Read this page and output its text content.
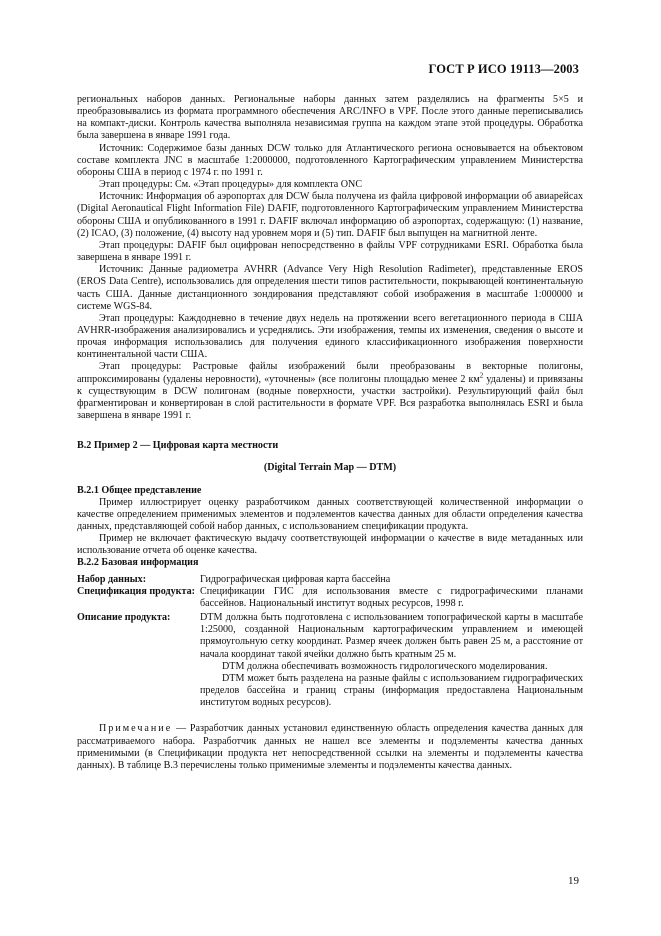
ГОСТ Р ИСО 19113—2003

региональных наборов данных. Региональные наборы данных затем разделялись на фрагменты 5×5 и преобразовывались из формата программного обеспечения ARC/INFO в VPF. После этого данные переписывались на компакт-диски. Контроль качества выполняла независимая группа на каждом этапе этой процедуры. Обработка была завершена в январе 1991 года.

Источник: Содержимое базы данных DCW только для Атлантического региона основывается на объектовом составе комплекта JNC в масштабе 1:2000000, подготовленного Картографическим управлением Министерства обороны США в период с 1974 г. по 1991 г.

Этап процедуры: См. «Этап процедуры» для комплекта ONC

Источник: Информация об аэропортах для DCW была получена из файла цифровой информации об авиарейсах (Digital Aeronautical Flight Information File) DAFIF, подготовленного Картографическим управлением Министерства обороны США и опубликованного в 1991 г. DAFIF включал информацию об аэропортах, содержащую: (1) название, (2) ICAO, (3) положение, (4) высоту над уровнем моря и (5) тип. DAFIF был выпущен на магнитной ленте.

Этап процедуры: DAFIF был оцифрован непосредственно в файлы VPF сотрудниками ESRI. Обработка была завершена в январе 1991 г.

Источник: Данные радиометра AVHRR (Advance Very High Resolution Radimeter), представленные EROS (EROS Data Centre), использовались для определения шести типов растительности, покрывающей континентальную часть США. Данные дистанционного зондирования представляют собой изображения в масштабе 1:000000 и системе WGS-84.

Этап процедуры: Каждодневно в течение двух недель на протяжении всего вегетационного периода в США AVHRR-изображения анализировались и усреднялись. Эти изображения, темпы их изменения, сведения о высоте и прочая информация использовались для получения единого классификационного изображения поверхности континентальной части США.

Этап процедуры: Растровые файлы изображений были преобразованы в векторные полигоны, аппроксимированы (удалены неровности), «уточнены» (все полигоны площадью менее 2 $км^2$ удалены) и привязаны к существующим в DCW полигонам (водные поверхности, участки застройки). Результирующий файл был фрагментирован и конвертирован в слой растительности в формате VPF. Вся разработка выполнялась ESRI и была завершена в январе 1991 г.

В.2 Пример 2 — Цифровая карта местности

(Digital Terrain Map — DTM)

В.2.1 Общее представление

Пример иллюстрирует оценку разработчиком данных соответствующей количественной информации о качестве определением применимых элементов и подэлементов качества данных для области определения качества данных, представляющей собой набор данных, с использованием спецификации продукта.

Пример не включает фактическую выдачу соответствующей информации о качестве в виде метаданных или использование отчета об оценке качества.

В.2.2 Базовая информация

Набор данных:	Гидрографическая цифровая карта бассейна

Спецификация продукта: Спецификации ГИС для использования вместе с гидрографическими планами бассейнов. Национальный институт водных ресурсов, 1998 г.

Описание продукта:	DTM должна быть подготовлена с использованием топографической карты в масштабе 1:25000, созданной Национальным картографическим управлением и имеющей прямоугольную сетку координат. Размер ячеек должен быть равен 25 м, а расстояние от начала координат такой ячейки должно быть кратным 25 м.

DTM должна обеспечивать возможность гидрологического моделирования.

DTM может быть разделена на разные файлы с использованием гидрографических пределов бассейна и границ страны (информация предоставлена Национальным институтом водных ресурсов).

Примечание — Разработчик данных установил единственную область определения качества данных для рассматриваемого набора. Разработчик данных не нашел все элементы и подэлементы качества данных применимыми (в Спецификации продукта нет непосредственной ссылки на элементы и подэлементы качества данных). В таблице В.3 перечислены только применимые элементы и подэлементы качества данных.

19
